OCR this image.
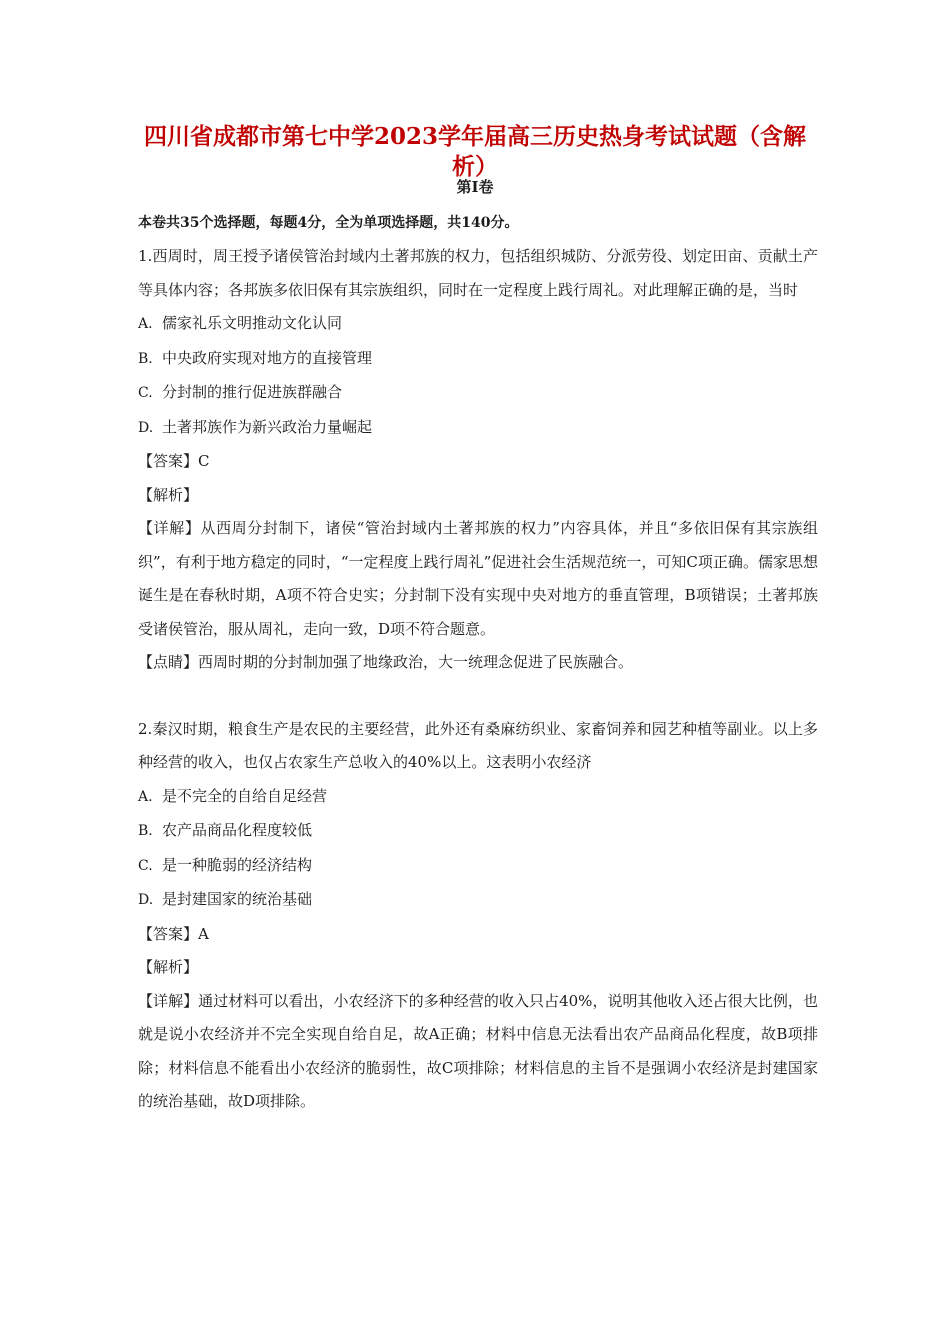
四川省成都市第七中学2023学年届高三历史热身考试试题（含解析）
第I卷

本卷共35个选择题，每题4分，全为单项选择题，共140分。

1.西周时，周王授予诸侯管治封域内土著邦族的权力，包括组织城防、分派劳役、划定田亩、贡献土产等具体内容；各邦族多依旧保有其宗族组织，同时在一定程度上践行周礼。对此理解正确的是，当时

A. 儒家礼乐文明推动文化认同

B. 中央政府实现对地方的直接管理

C. 分封制的推行促进族群融合

D. 土著邦族作为新兴政治力量崛起

【答案】C

【解析】

【详解】从西周分封制下，诸侯“管治封域内土著邦族的权力”内容具体，并且“多依旧保有其宗族组织”，有利于地方稳定的同时，“一定程度上践行周礼”促进社会生活规范统一，可知C项正确。儒家思想诞生是在春秋时期，A项不符合史实；分封制下没有实现中央对地方的垂直管理，B项错误；土著邦族受诸侯管治，服从周礼，走向一致，D项不符合题意。

【点睛】西周时期的分封制加强了地缘政治，大一统理念促进了民族融合。

2.秦汉时期，粮食生产是农民的主要经营，此外还有桑麻纺织业、家畜饲养和园艺种植等副业。以上多种经营的收入，也仅占农家生产总收入的40%以上。这表明小农经济

A. 是不完全的自给自足经营

B. 农产品商品化程度较低

C. 是一种脆弱的经济结构

D. 是封建国家的统治基础

【答案】A

【解析】

【详解】通过材料可以看出，小农经济下的多种经营的收入只占40%，说明其他收入还占很大比例，也就是说小农经济并不完全实现自给自足，故A正确；材料中信息无法看出农产品商品化程度，故B项排除；材料信息不能看出小农经济的脆弱性，故C项排除；材料信息的主旨不是强调小农经济是封建国家的统治基础，故D项排除。
